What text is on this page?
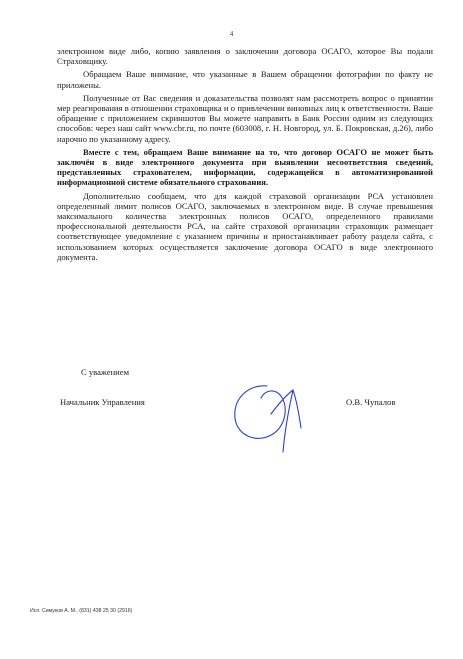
4

электронном виде либо, копию заявления о заключении договора ОСАГО, которое Вы подали Страховщику.

Обращаем Ваше внимание, что указанные в Вашем обращении фотографии по факту не приложены.

Полученные от Вас сведения и доказательства позволят нам рассмотреть вопрос о принятии мер реагирования в отношении страховщика и о привлечении виновных лиц к ответственности. Ваше обращение с приложением скриншотов Вы можете направить в Банк России одним из следующих способов: через наш сайт www.cbr.ru, по почте (603008, г. Н. Новгород, ул. Б. Покровская, д.26), либо нарочно по указанному адресу.

Вместе с тем, обращаем Ваше внимание на то, что договор ОСАГО не может быть заключён в виде электронного документа при выявлении несоответствия сведений, представленных страхователем, информации, содержащейся в автоматизированной информационной системе обязательного страхования.

Дополнительно сообщаем, что для каждой страховой организации РСА установлен определенный лимит полисов ОСАГО, заключаемых в электронном виде. В случае превышения максимального количества электронных полисов ОСАГО, определенного правилами профессиональной деятельности РСА, на сайте страховой организации страховщик размещает соответствующее уведомление с указанием причины и приостанавливает работу раздела сайта, с использованием которых осуществляется заключение договора ОСАГО в виде электронного документа.

С уважением
Начальник Управления	О.В. Чупалов
Исп. Симуков А. М., (831) 438 25 30 (2916)
